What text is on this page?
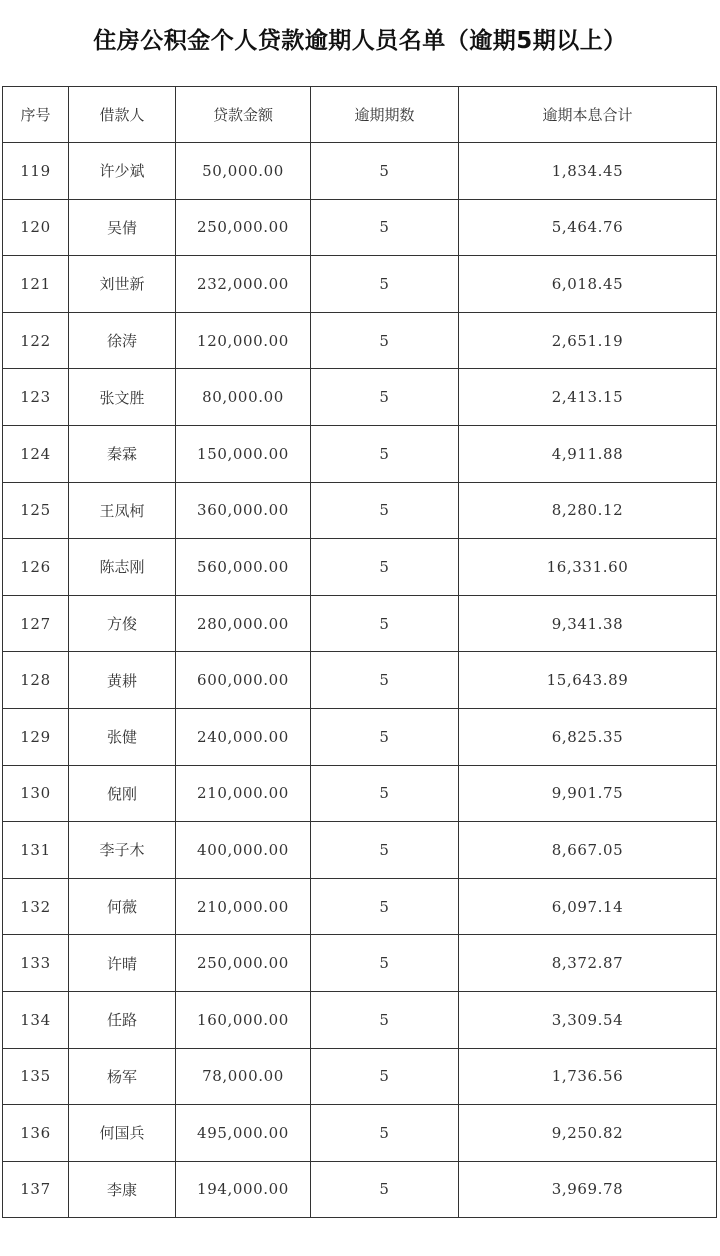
住房公积金个人贷款逾期人员名单（逾期5期以上）
序号	借款人	贷款金额	逾期期数	逾期本息合计
119	许少斌	50,000.00	5	1,834.45
120	吴倩	250,000.00	5	5,464.76
121	刘世新	232,000.00	5	6,018.45
122	徐涛	120,000.00	5	2,651.19
123	张文胜	80,000.00	5	2,413.15
124	秦霖	150,000.00	5	4,911.88
125	王凤柯	360,000.00	5	8,280.12
126	陈志刚	560,000.00	5	16,331.60
127	方俊	280,000.00	5	9,341.38
128	黄耕	600,000.00	5	15,643.89
129	张健	240,000.00	5	6,825.35
130	倪刚	210,000.00	5	9,901.75
131	李子木	400,000.00	5	8,667.05
132	何薇	210,000.00	5	6,097.14
133	许晴	250,000.00	5	8,372.87
134	任路	160,000.00	5	3,309.54
135	杨军	78,000.00	5	1,736.56
136	何国兵	495,000.00	5	9,250.82
137	李康	194,000.00	5	3,969.78
